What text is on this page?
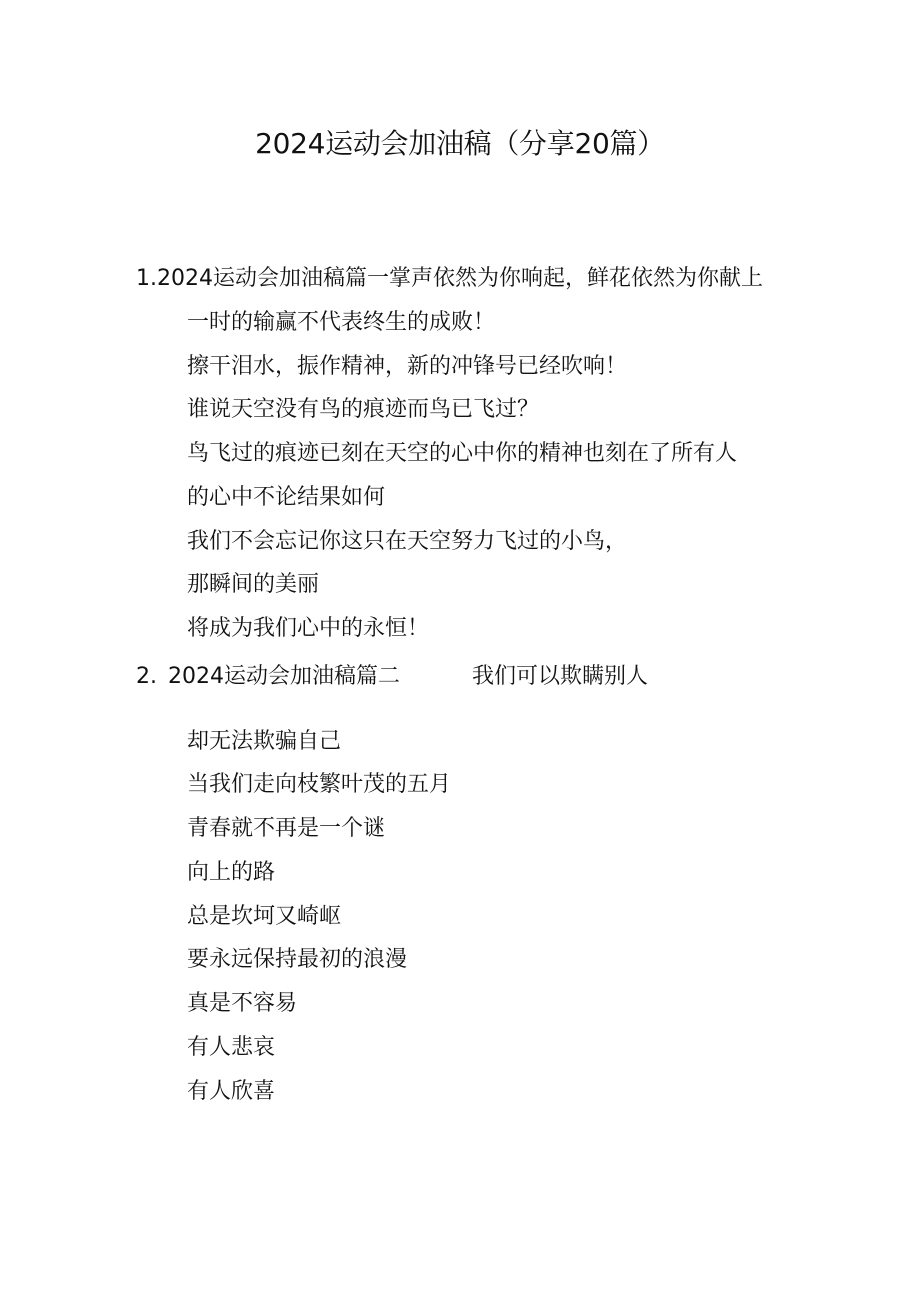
2024运动会加油稿（分享20篇）
1.2024运动会加油稿篇一掌声依然为你响起，鲜花依然为你献上
一时的输赢不代表终生的成败！
擦干泪水，振作精神，新的冲锋号已经吹响！
谁说天空没有鸟的痕迹而鸟已飞过？
鸟飞过的痕迹已刻在天空的心中你的精神也刻在了所有人
的心中不论结果如何
我们不会忘记你这只在天空努力飞过的小鸟，
那瞬间的美丽
将成为我们心中的永恒！
2. 2024运动会加油稿篇二	我们可以欺瞒别人
却无法欺骗自己
当我们走向枝繁叶茂的五月
青春就不再是一个谜
向上的路
总是坎坷又崎岖
要永远保持最初的浪漫
真是不容易
有人悲哀
有人欣喜
